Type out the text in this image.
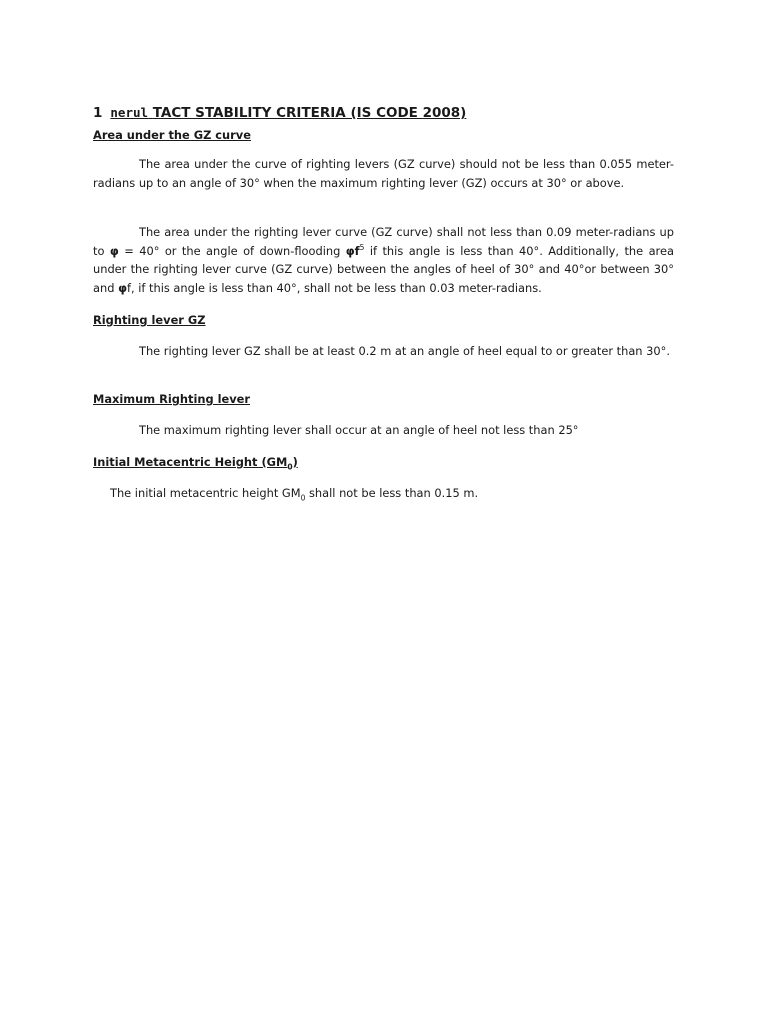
1 nerul TACT STABILITY CRITERIA (IS CODE 2008)
Area under the GZ curve

The area under the curve of righting levers (GZ curve) should not be less than 0.055 meter-radians up to an angle of 30° when the maximum righting lever (GZ) occurs at 30° or above.

The area under the righting lever curve (GZ curve) shall not less than 0.09 meter-radians up to φ = 40° or the angle of down-flooding $\varphi f^5$ if this angle is less than 40°. Additionally, the area under the righting lever curve (GZ curve) between the angles of heel of 30° and 40°or between 30° and φf, if this angle is less than 40°, shall not be less than 0.03 meter-radians.

Righting lever GZ

The righting lever GZ shall be at least 0.2 m at an angle of heel equal to or greater than 30°.

Maximum Righting lever

The maximum righting lever shall occur at an angle of heel not less than 25°

Initial Metacentric Height $(GM_0)$

The initial metacentric height $GM_0$ shall not be less than 0.15 m.
